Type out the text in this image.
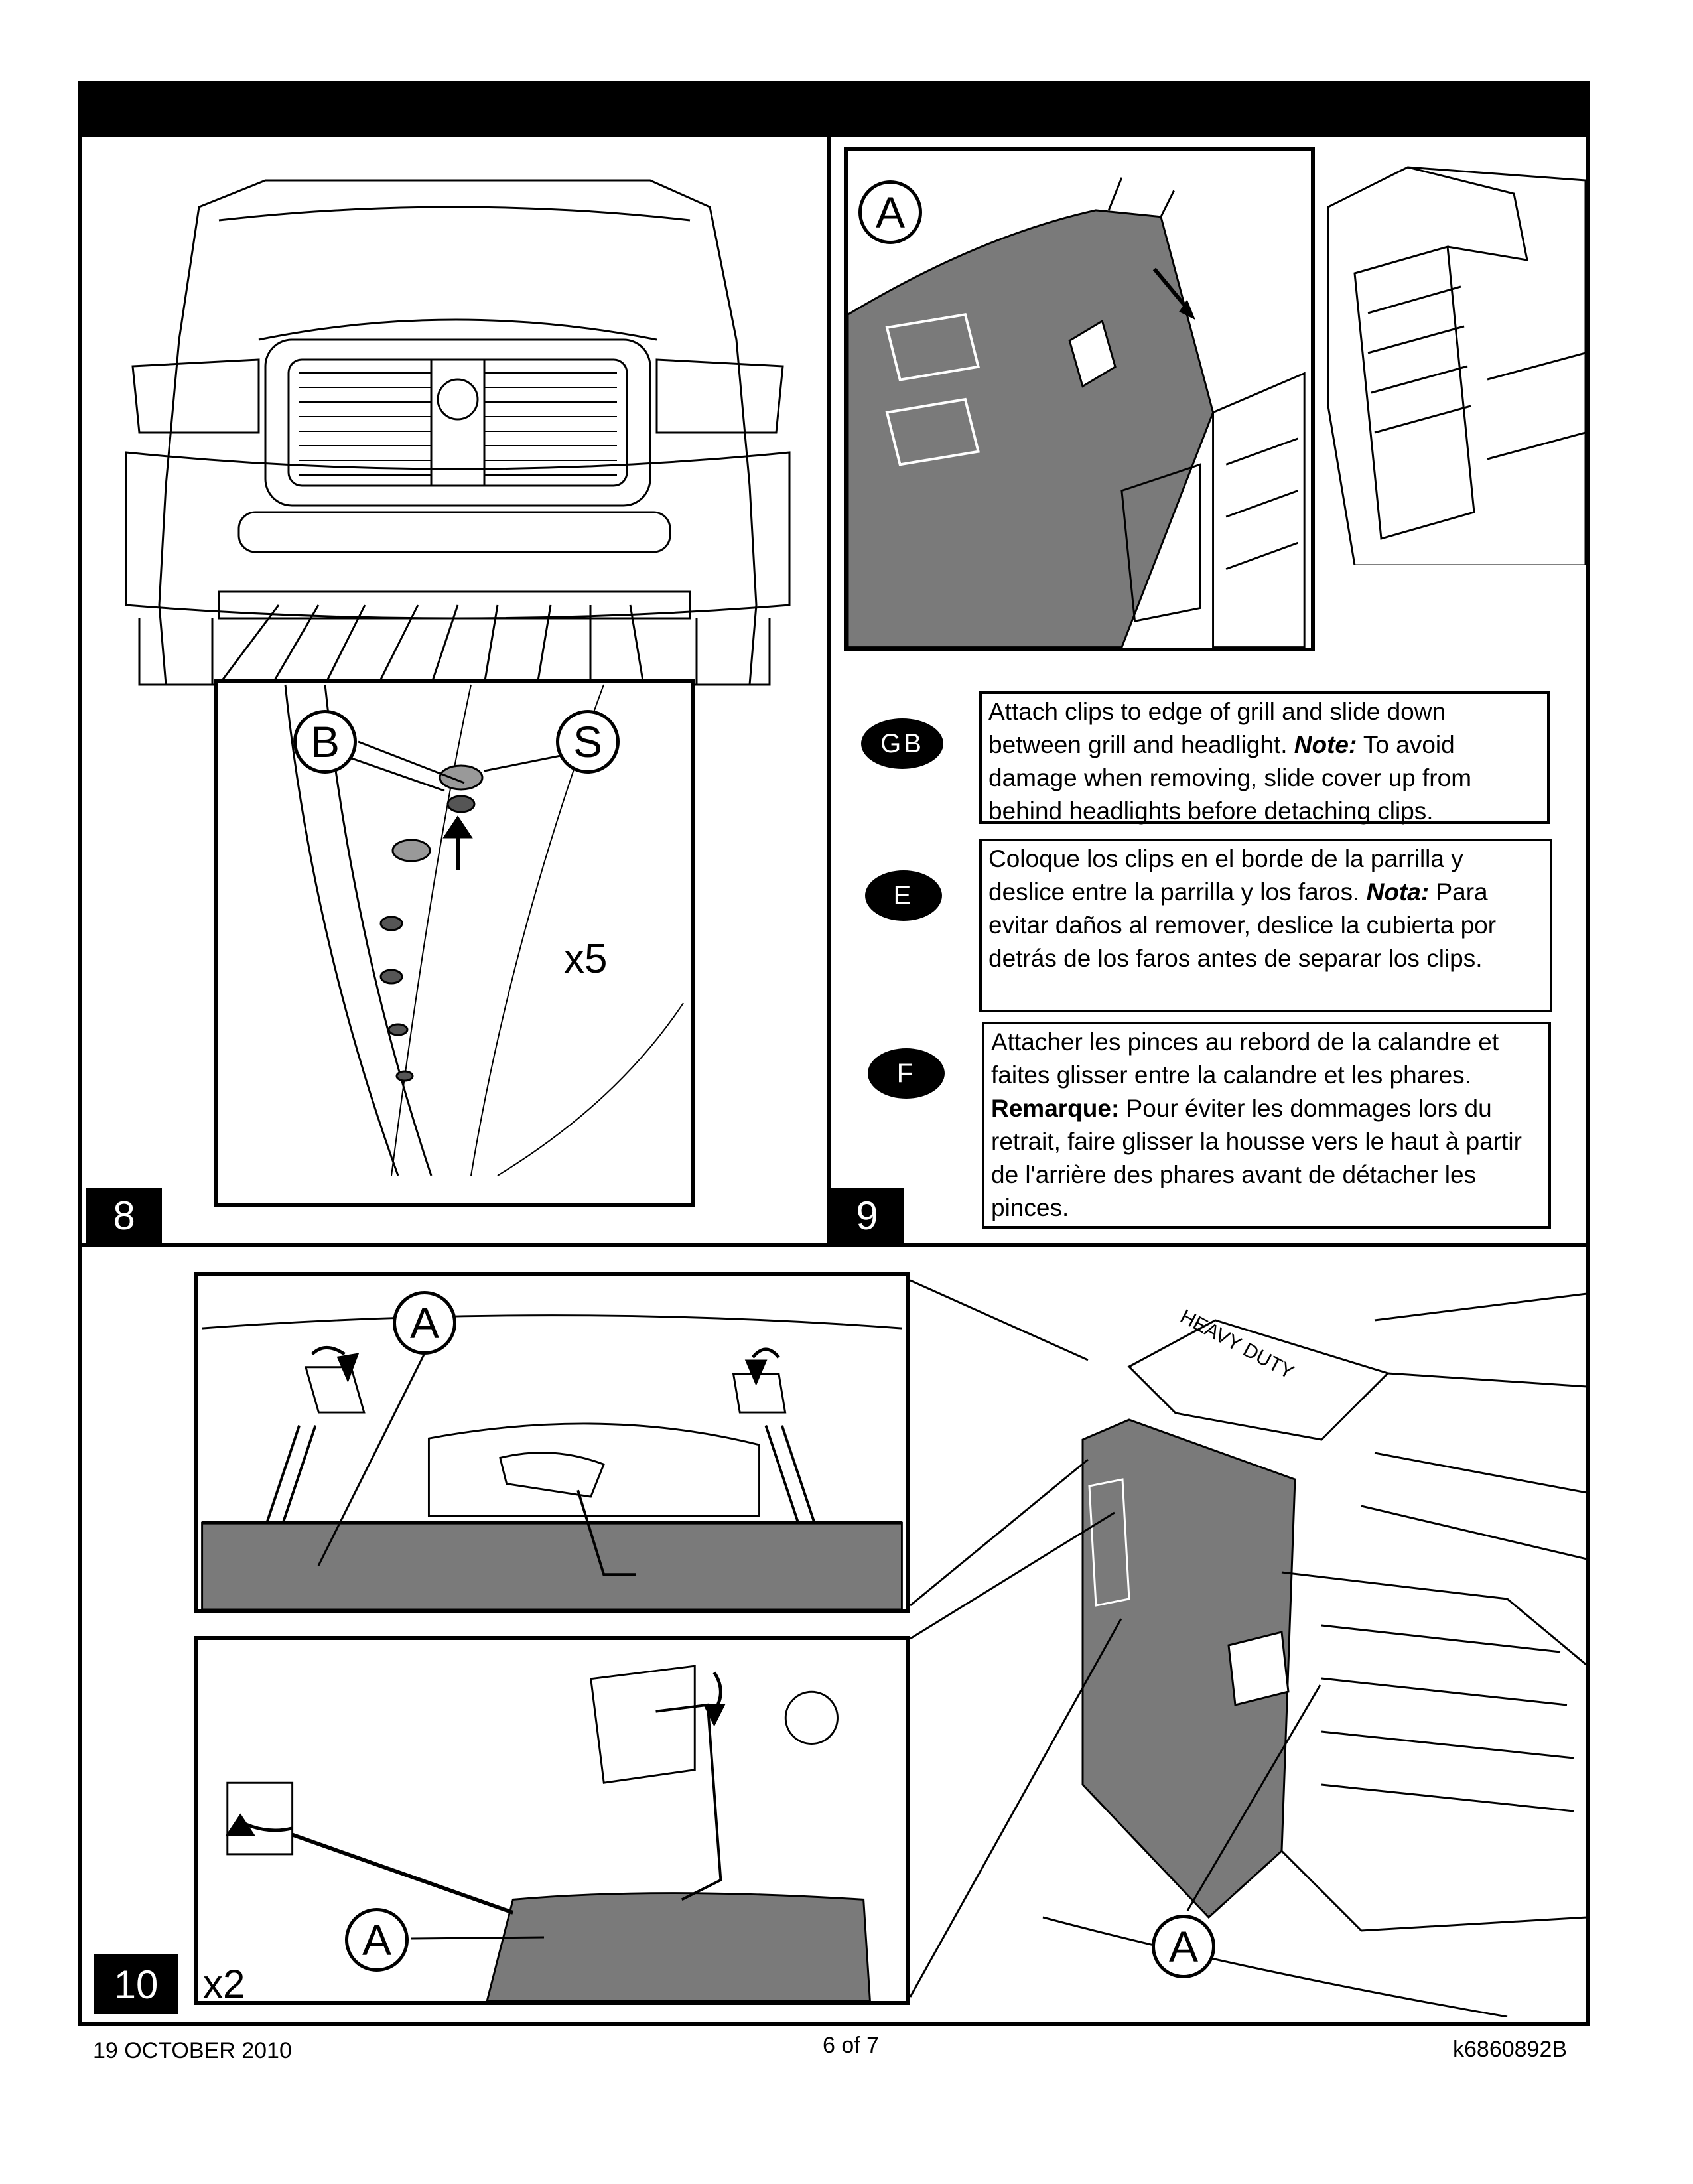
B	S
x5
8
A
HEAVY DUTY
GB
Attach clips to edge of grill and slide down between grill and headlight. Note: To avoid damage when removing, slide cover up from behind headlights before detaching clips.
E
Coloque los clips en el borde de la parrilla y deslice entre la parrilla y los faros. Nota: Para evitar daños al remover, deslice la cubierta por detrás de los faros antes de separar los clips.
F
Attacher les pinces au rebord de la calandre et faites glisser entre la calandre et les phares. Remarque: Pour éviter les dommages lors du retrait, faire glisser la housse vers le haut à partir de l'arrière des phares avant de détacher les pinces.
9
A
A
x2
10
HEAVY DUTY
A
19 OCTOBER 2010	6 of 7	k6860892B
